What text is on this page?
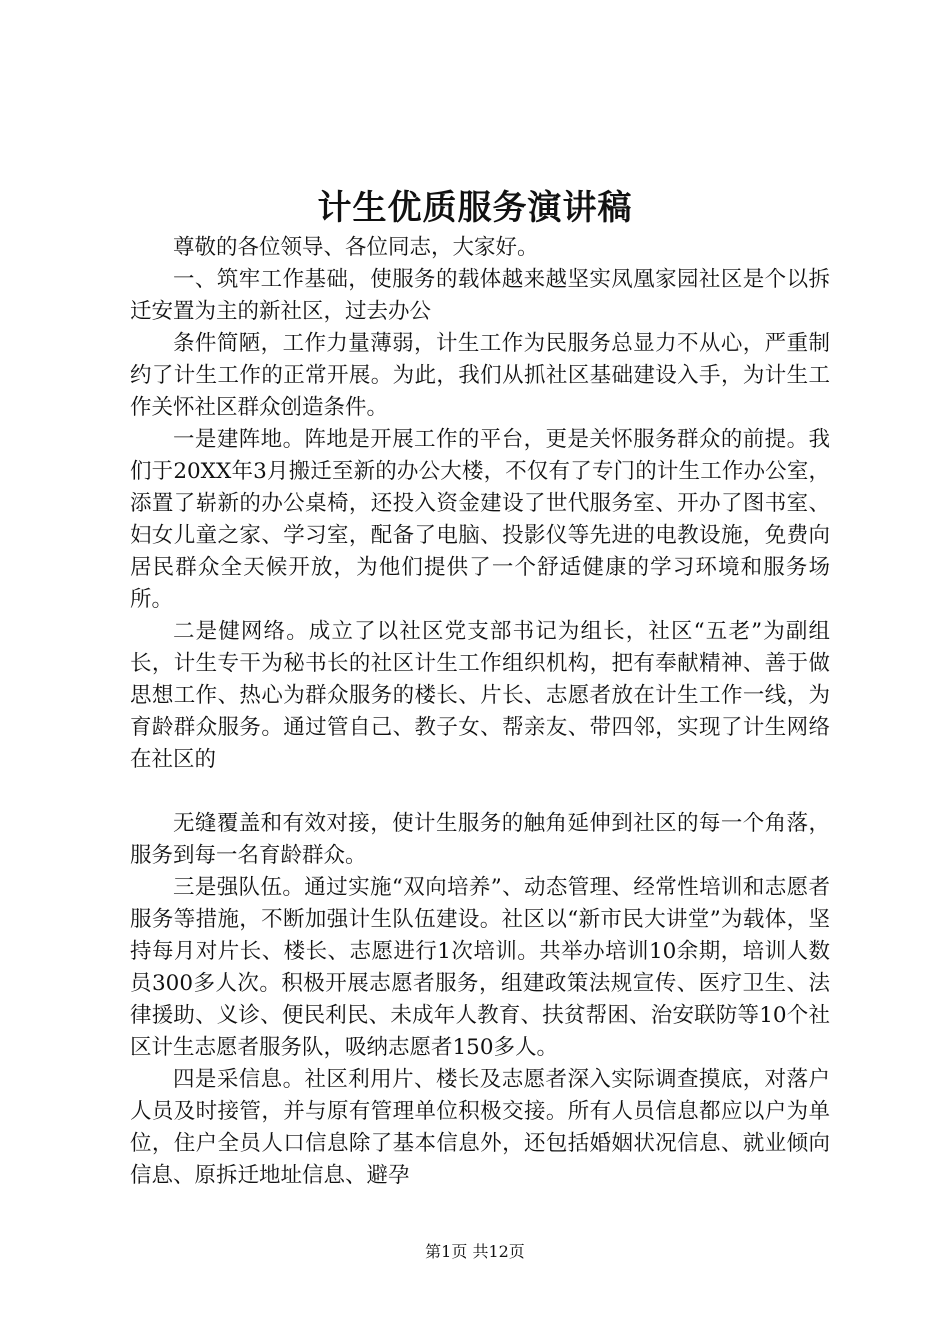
计生优质服务演讲稿

尊敬的各位领导、各位同志，大家好。

一、筑牢工作基础，使服务的载体越来越坚实凤凰家园社区是个以拆迁安置为主的新社区，过去办公

条件简陋，工作力量薄弱，计生工作为民服务总显力不从心，严重制约了计生工作的正常开展。为此，我们从抓社区基础建设入手，为计生工作关怀社区群众创造条件。

一是建阵地。阵地是开展工作的平台，更是关怀服务群众的前提。我们于20XX年3月搬迁至新的办公大楼，不仅有了专门的计生工作办公室，添置了崭新的办公桌椅，还投入资金建设了世代服务室、开办了图书室、妇女儿童之家、学习室，配备了电脑、投影仪等先进的电教设施，免费向居民群众全天候开放，为他们提供了一个舒适健康的学习环境和服务场所。

二是健网络。成立了以社区党支部书记为组长，社区“五老”为副组长，计生专干为秘书长的社区计生工作组织机构，把有奉献精神、善于做思想工作、热心为群众服务的楼长、片长、志愿者放在计生工作一线，为育龄群众服务。通过管自己、教子女、帮亲友、带四邻，实现了计生网络在社区的

无缝覆盖和有效对接，使计生服务的触角延伸到社区的每一个角落，服务到每一名育龄群众。

三是强队伍。通过实施“双向培养”、动态管理、经常性培训和志愿者服务等措施，不断加强计生队伍建设。社区以“新市民大讲堂”为载体，坚持每月对片长、楼长、志愿进行1次培训。共举办培训10余期，培训人数员300多人次。积极开展志愿者服务，组建政策法规宣传、医疗卫生、法律援助、义诊、便民利民、未成年人教育、扶贫帮困、治安联防等10个社区计生志愿者服务队，吸纳志愿者150多人。

四是采信息。社区利用片、楼长及志愿者深入实际调查摸底，对落户人员及时接管，并与原有管理单位积极交接。所有人员信息都应以户为单位，住户全员人口信息除了基本信息外，还包括婚姻状况信息、就业倾向信息、原拆迁地址信息、避孕

第1页 共12页
